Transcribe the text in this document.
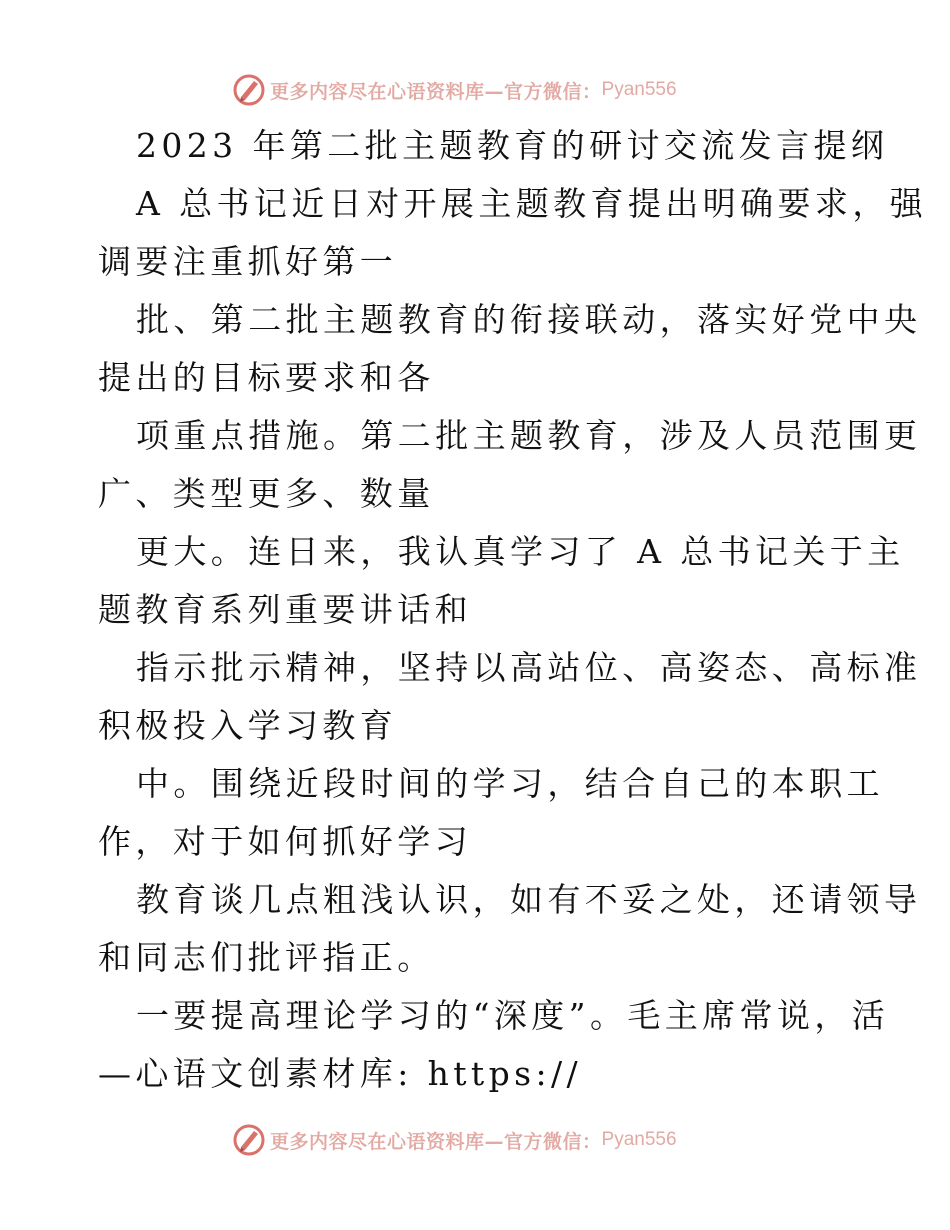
更多内容尽在心语资料库—官方微信： Pyan556
2023 年第二批主题教育的研讨交流发言提纲
A 总书记近日对开展主题教育提出明确要求，强
调要注重抓好第一
批、第二批主题教育的衔接联动，落实好党中央
提出的目标要求和各
项重点措施。第二批主题教育，涉及人员范围更
广、类型更多、数量
更大。连日来，我认真学习了 A 总书记关于主
题教育系列重要讲话和
指示批示精神，坚持以高站位、高姿态、高标准
积极投入学习教育
中。围绕近段时间的学习，结合自己的本职工
作，对于如何抓好学习
教育谈几点粗浅认识，如有不妥之处，还请领导
和同志们批评指正。
一要提高理论学习的“深度”。毛主席常说，活
—心语文创素材库: https://
更多内容尽在心语资料库—官方微信： Pyan556
